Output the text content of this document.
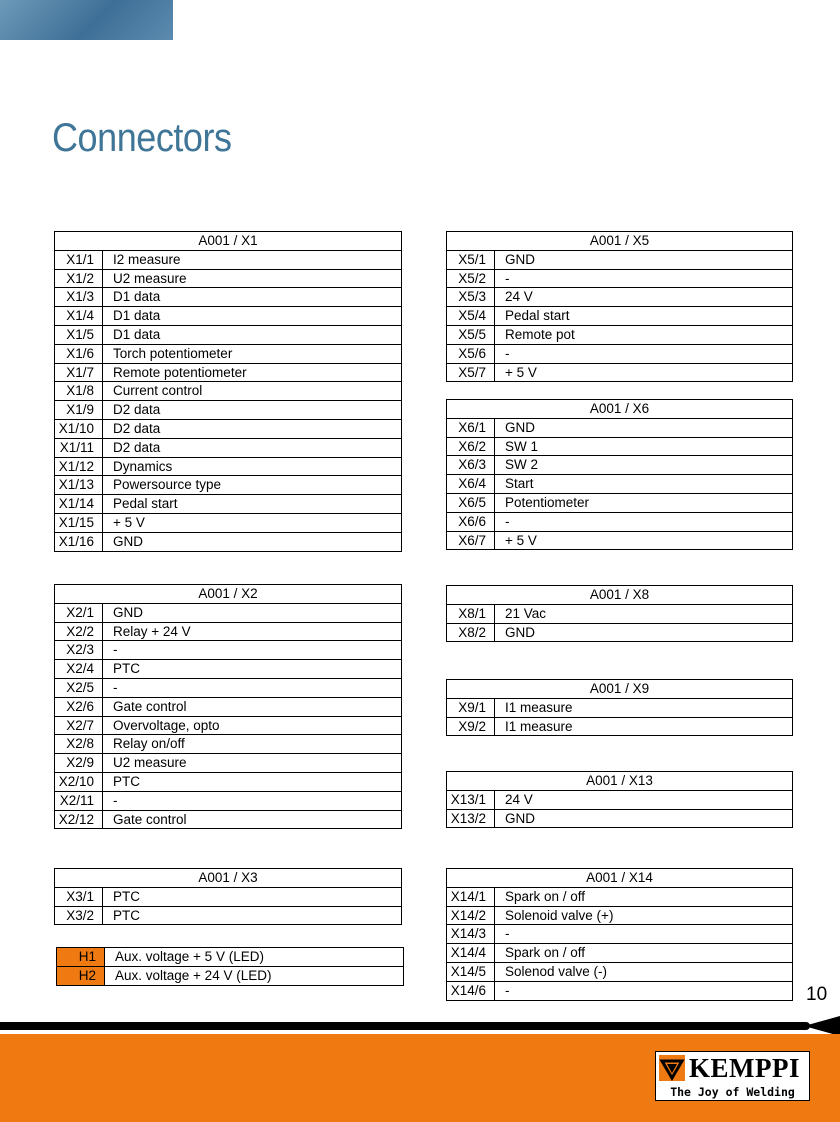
Connectors
A001 / X1	
X1/1	I2 measure
X1/2	U2 measure
X1/3	D1 data
X1/4	D1 data
X1/5	D1 data
X1/6	Torch potentiometer
X1/7	Remote potentiometer
X1/8	Current control
X1/9	D2 data
X1/10	D2 data
X1/11	D2 data
X1/12	Dynamics
X1/13	Powersource type
X1/14	Pedal start
X1/15	+ 5 V
X1/16	GND
A001 / X2	
X2/1	GND
X2/2	Relay + 24 V
X2/3	-
X2/4	PTC
X2/5	-
X2/6	Gate control
X2/7	Overvoltage, opto
X2/8	Relay on/off
X2/9	U2 measure
X2/10	PTC
X2/11	-
X2/12	Gate control
A001 / X3	
X3/1	PTC
X3/2	PTC
H1	Aux. voltage + 5 V (LED)
H2	Aux. voltage + 24 V (LED)
A001 / X5	
X5/1	GND
X5/2	-
X5/3	24 V
X5/4	Pedal start
X5/5	Remote pot
X5/6	-
X5/7	+ 5 V
A001 / X6	
X6/1	GND
X6/2	SW 1
X6/3	SW 2
X6/4	Start
X6/5	Potentiometer
X6/6	-
X6/7	+ 5 V
A001 / X8	
X8/1	21 Vac
X8/2	GND
A001 / X9	
X9/1	I1 measure
X9/2	I1 measure
A001 / X13	
X13/1	24 V
X13/2	GND
A001 / X14	
X14/1	Spark on / off
X14/2	Solenoid valve (+)
X14/3	-
X14/4	Spark on / off
X14/5	Solenod valve (-)
X14/6	-	10
KEMPPI
The Joy of Welding
